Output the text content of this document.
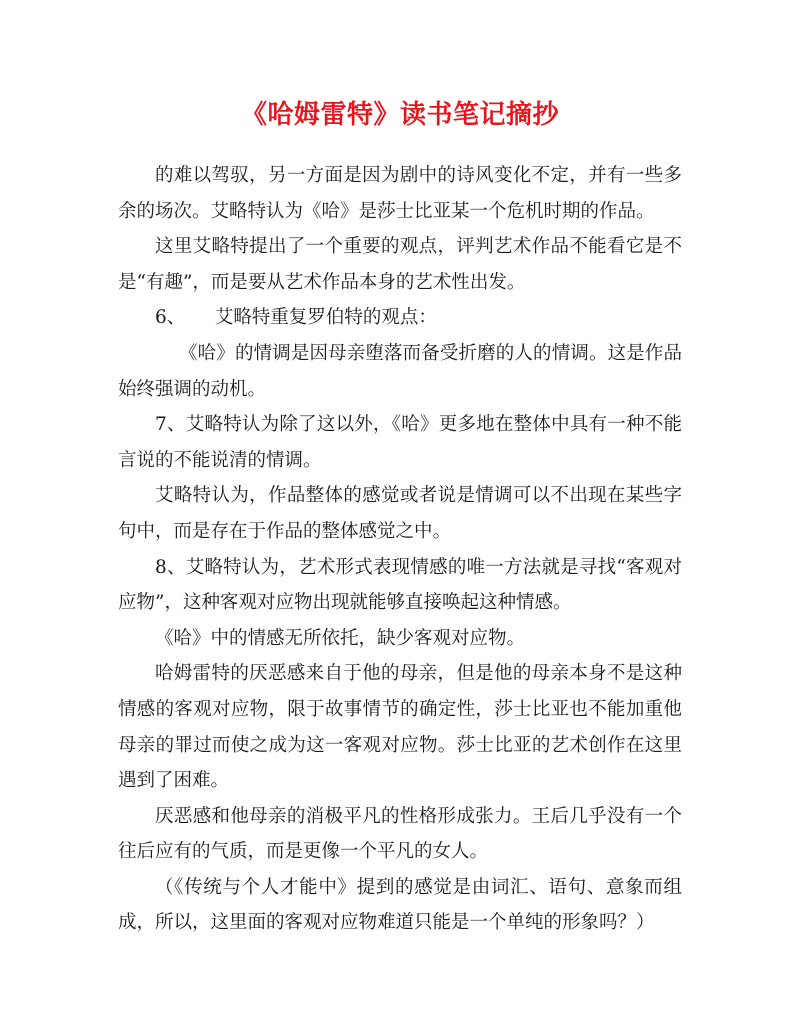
《哈姆雷特》读书笔记摘抄

的难以驾驭，另一方面是因为剧中的诗风变化不定，并有一些多余的场次。艾略特认为《哈》是莎士比亚某一个危机时期的作品。

这里艾略特提出了一个重要的观点，评判艺术作品不能看它是不是“有趣”，而是要从艺术作品本身的艺术性出发。

6、 艾略特重复罗伯特的观点：

《哈》的情调是因母亲堕落而备受折磨的人的情调。这是作品始终强调的动机。

7、艾略特认为除了这以外，《哈》更多地在整体中具有一种不能言说的不能说清的情调。

艾略特认为，作品整体的感觉或者说是情调可以不出现在某些字句中，而是存在于作品的整体感觉之中。

8、艾略特认为，艺术形式表现情感的唯一方法就是寻找“客观对应物”，这种客观对应物出现就能够直接唤起这种情感。

《哈》中的情感无所依托，缺少客观对应物。

哈姆雷特的厌恶感来自于他的母亲，但是他的母亲本身不是这种情感的客观对应物，限于故事情节的确定性，莎士比亚也不能加重他母亲的罪过而使之成为这一客观对应物。莎士比亚的艺术创作在这里遇到了困难。

厌恶感和他母亲的消极平凡的性格形成张力。王后几乎没有一个往后应有的气质，而是更像一个平凡的女人。

（《传统与个人才能中》提到的感觉是由词汇、语句、意象而组成，所以，这里面的客观对应物难道只能是一个单纯的形象吗？）
